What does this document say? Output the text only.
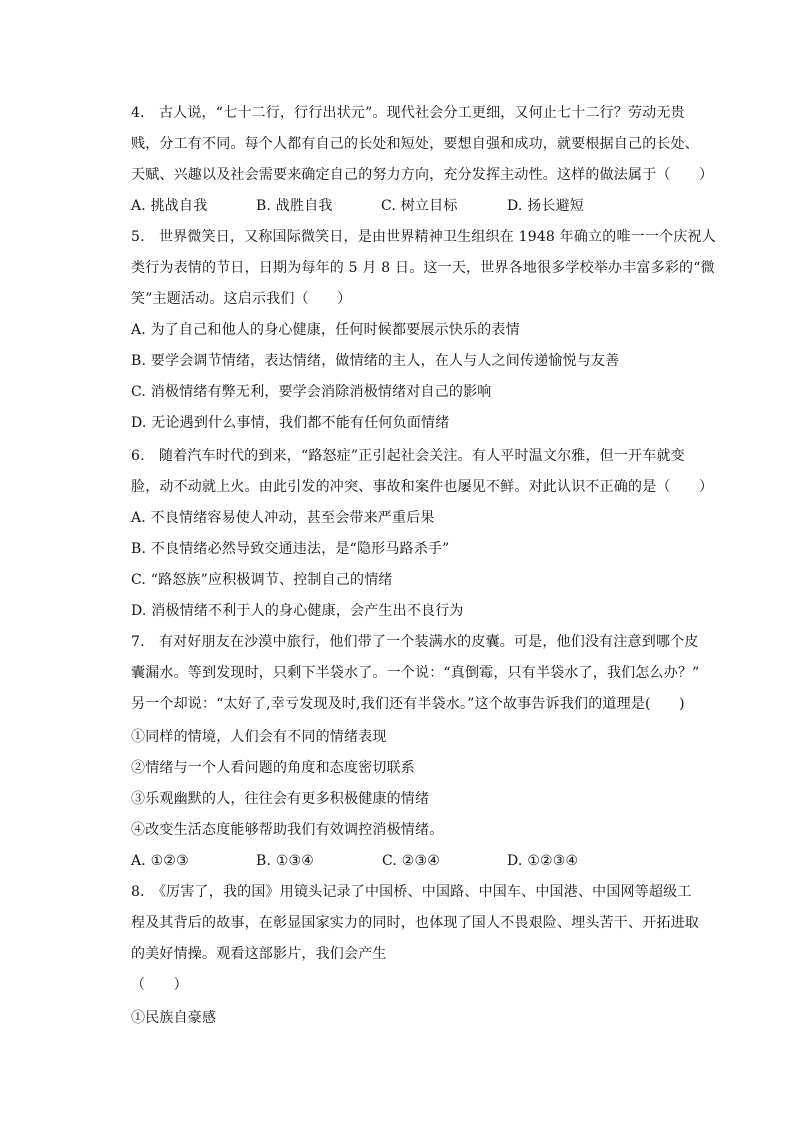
4.　古人说，“七十二行，行行出状元”。现代社会分工更细，又何止七十二行？劳动无贵
贱，分工有不同。每个人都有自己的长处和短处，要想自强和成功，就要根据自己的长处、
天赋、兴趣以及社会需要来确定自己的努力方向，充分发挥主动性。这样的做法属于（　　）
A. 挑战自我	B. 战胜自我	C. 树立目标	D. 扬长避短
5.　世界微笑日，又称国际微笑日，是由世界精神卫生组织在 1948 年确立的唯一一个庆祝人
类行为表情的节日，日期为每年的 5 月 8 日。这一天，世界各地很多学校举办丰富多彩的“微
笑”主题活动。这启示我们（　　）
A. 为了自己和他人的身心健康，任何时候都要展示快乐的表情
B. 要学会调节情绪，表达情绪，做情绪的主人，在人与人之间传递愉悦与友善
C. 消极情绪有弊无利，要学会消除消极情绪对自己的影响
D. 无论遇到什么事情，我们都不能有任何负面情绪
6.　随着汽车时代的到来，“路怒症”正引起社会关注。有人平时温文尔雅，但一开车就变
脸，动不动就上火。由此引发的冲突、事故和案件也屡见不鲜。对此认识不正确的是（　　）
A. 不良情绪容易使人冲动，甚至会带来严重后果
B. 不良情绪必然导致交通违法，是“隐形马路杀手”
C. “路怒族”应积极调节、控制自己的情绪
D. 消极情绪不利于人的身心健康，会产生出不良行为
7.　有对好朋友在沙漠中旅行，他们带了一个装满水的皮囊。可是，他们没有注意到哪个皮
囊漏水。等到发现时，只剩下半袋水了。一个说：“真倒霉，只有半袋水了，我们怎么办？”
另一个却说：“太好了,幸亏发现及时,我们还有半袋水。”这个故事告诉我们的道理是(　　)
①同样的情境，人们会有不同的情绪表现
②情绪与一个人看问题的角度和态度密切联系
③乐观幽默的人，往往会有更多积极健康的情绪
④改变生活态度能够帮助我们有效调控消极情绪。
A. ①②③	B. ①③④	C. ②③④	D. ①②③④
8.　《厉害了，我的国》用镜头记录了中国桥、中国路、中国车、中国港、中国网等超级工
程及其背后的故事，在彰显国家实力的同时，也体现了国人不畏艰险、埋头苦干、开拓进取
的美好情操。观看这部影片，我们会产生
（　　）
①民族自豪感
